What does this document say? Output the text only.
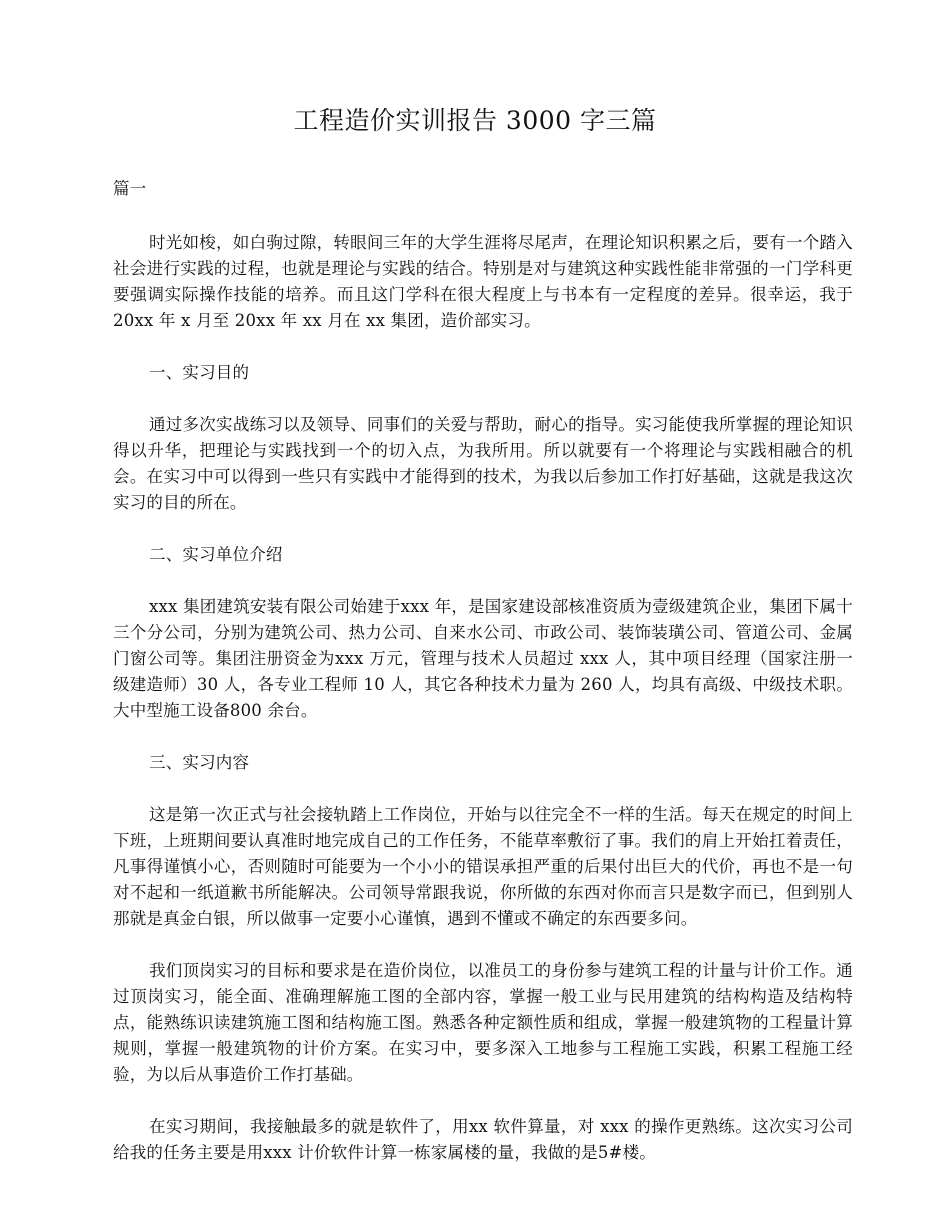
工程造价实训报告 3000 字三篇
篇一

时光如梭，如白驹过隙，转眼间三年的大学生涯将尽尾声，在理论知识积累之后，要有一个踏入社会进行实践的过程，也就是理论与实践的结合。特别是对与建筑这种实践性能非常强的一门学科更要强调实际操作技能的培养。而且这门学科在很大程度上与书本有一定程度的差异。很幸运，我于20xx 年 x 月至 20xx 年 xx 月在 xx 集团，造价部实习。

一、实习目的

通过多次实战练习以及领导、同事们的关爱与帮助，耐心的指导。实习能使我所掌握的理论知识得以升华，把理论与实践找到一个的切入点，为我所用。所以就要有一个将理论与实践相融合的机会。在实习中可以得到一些只有实践中才能得到的技术，为我以后参加工作打好基础，这就是我这次实习的目的所在。

二、实习单位介绍

xxx 集团建筑安装有限公司始建于xxx 年，是国家建设部核准资质为壹级建筑企业，集团下属十三个分公司，分别为建筑公司、热力公司、自来水公司、市政公司、装饰装璜公司、管道公司、金属门窗公司等。集团注册资金为xxx 万元，管理与技术人员超过 xxx 人，其中项目经理（国家注册一级建造师）30 人，各专业工程师 10 人，其它各种技术力量为 260 人，均具有高级、中级技术职。大中型施工设备800 余台。

三、实习内容

这是第一次正式与社会接轨踏上工作岗位，开始与以往完全不一样的生活。每天在规定的时间上下班，上班期间要认真准时地完成自己的工作任务，不能草率敷衍了事。我们的肩上开始扛着责任，凡事得谨慎小心，否则随时可能要为一个小小的错误承担严重的后果付出巨大的代价，再也不是一句对不起和一纸道歉书所能解决。公司领导常跟我说，你所做的东西对你而言只是数字而已，但到别人那就是真金白银，所以做事一定要小心谨慎，遇到不懂或不确定的东西要多问。

我们顶岗实习的目标和要求是在造价岗位，以准员工的身份参与建筑工程的计量与计价工作。通过顶岗实习，能全面、准确理解施工图的全部内容，掌握一般工业与民用建筑的结构构造及结构特点，能熟练识读建筑施工图和结构施工图。熟悉各种定额性质和组成，掌握一般建筑物的工程量计算规则，掌握一般建筑物的计价方案。在实习中，要多深入工地参与工程施工实践，积累工程施工经验，为以后从事造价工作打基础。

在实习期间，我接触最多的就是软件了，用xx 软件算量，对 xxx 的操作更熟练。这次实习公司给我的任务主要是用xxx 计价软件计算一栋家属楼的量，我做的是5#楼。
